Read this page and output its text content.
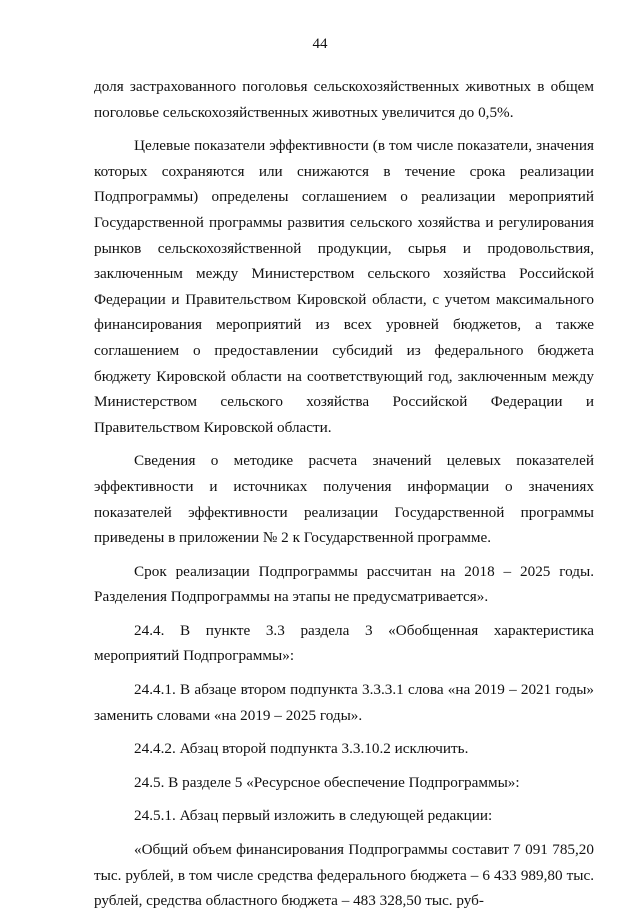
44

доля застрахованного поголовья сельскохозяйственных животных в общем поголовье сельскохозяйственных животных увеличится до 0,5%.

Целевые показатели эффективности (в том числе показатели, значения которых сохраняются или снижаются в течение срока реализации Подпрограммы) определены соглашением о реализации мероприятий Государственной программы развития сельского хозяйства и регулирования рынков сельскохозяйственной продукции, сырья и продовольствия, заключенным между Министерством сельского хозяйства Российской Федерации и Правительством Кировской области, с учетом максимального финансирования мероприятий из всех уровней бюджетов, а также соглашением о предоставлении субсидий из федерального бюджета бюджету Кировской области на соответствующий год, заключенным между Министерством сельского хозяйства Российской Федерации и Правительством Кировской области.

Сведения о методике расчета значений целевых показателей эффективности и источниках получения информации о значениях показателей эффективности реализации Государственной программы приведены в приложении № 2 к Государственной программе.

Срок реализации Подпрограммы рассчитан на 2018 – 2025 годы. Разделения Подпрограммы на этапы не предусматривается».

24.4. В пункте 3.3 раздела 3 «Обобщенная характеристика мероприятий Подпрограммы»:

24.4.1. В абзаце втором подпункта 3.3.3.1 слова «на 2019 – 2021 годы» заменить словами «на 2019 – 2025 годы».

24.4.2. Абзац второй подпункта 3.3.10.2 исключить.

24.5. В разделе 5 «Ресурсное обеспечение Подпрограммы»:

24.5.1. Абзац первый изложить в следующей редакции:

«Общий объем финансирования Подпрограммы составит 7 091 785,20 тыс. рублей, в том числе средства федерального бюджета – 6 433 989,80 тыс. рублей, средства областного бюджета – 483 328,50 тыс. руб-
